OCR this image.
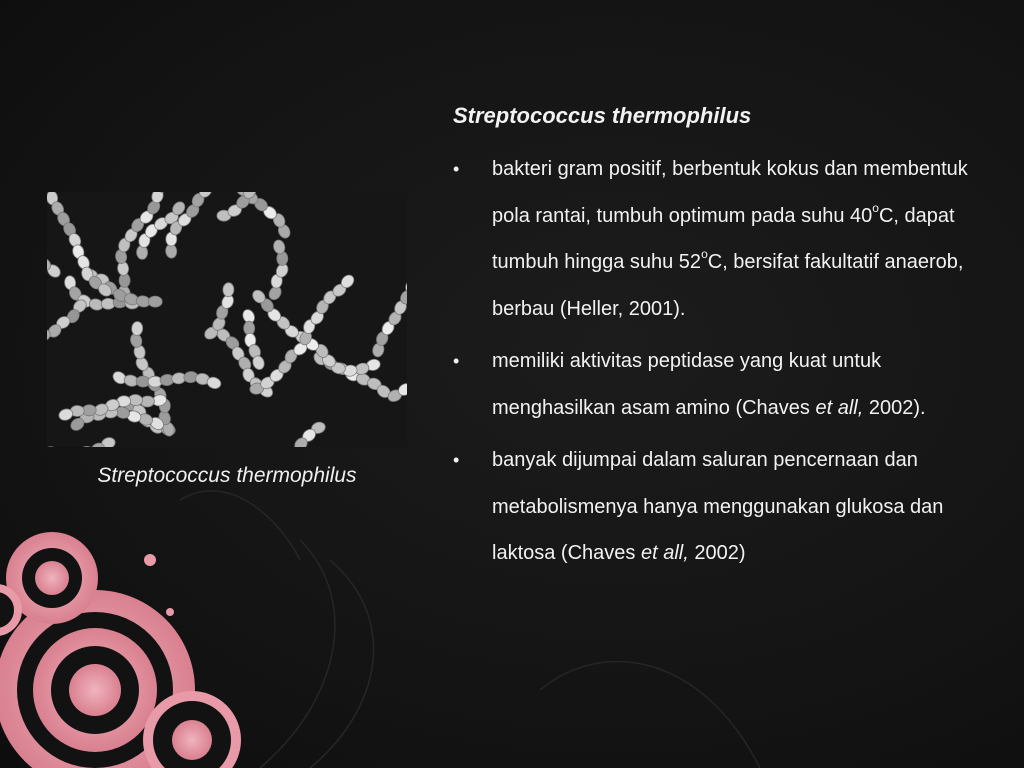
Streptococcus thermophilus
Streptococcus thermophilus
• bakteri gram positif, berbentuk kokus dan membentuk pola rantai, tumbuh optimum pada suhu 40$^o$C, dapat tumbuh hingga suhu 52$^o$C, bersifat fakultatif anaerob, berbau (Heller, 2001).
• memiliki aktivitas peptidase yang kuat untuk menghasilkan asam amino (Chaves et all, 2002).
• banyak dijumpai dalam saluran pencernaan dan metabolismenya hanya menggunakan glukosa dan laktosa (Chaves et all, 2002)
